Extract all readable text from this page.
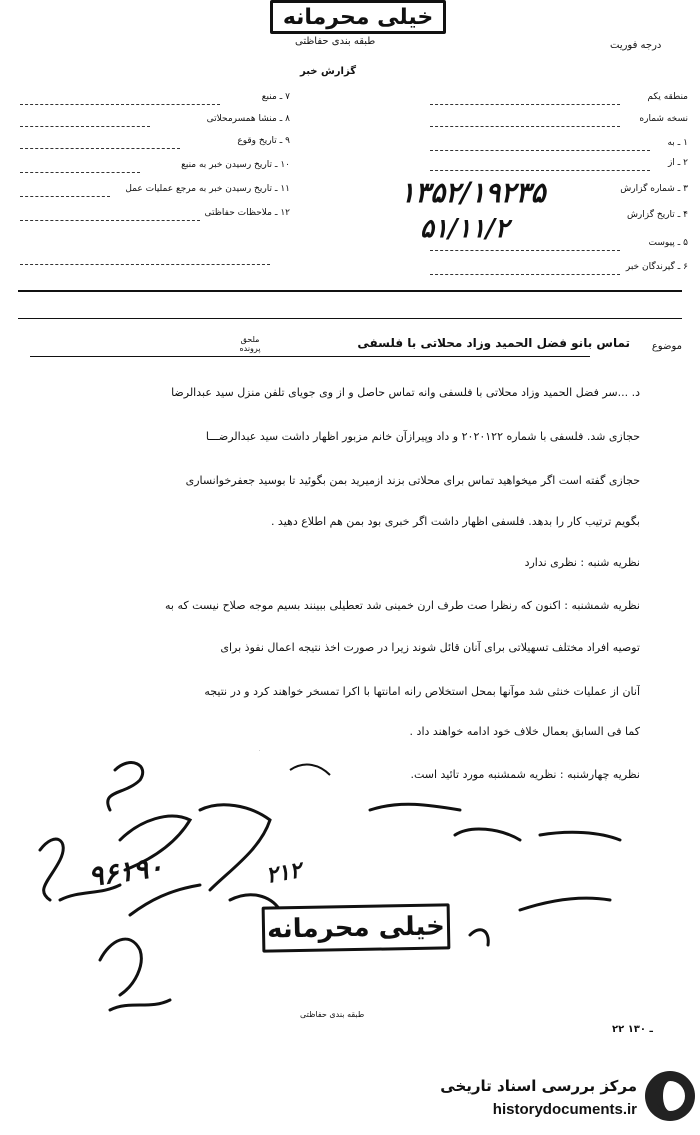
خیلی محرمانه
طبقه بندی حفاظتی	درجه فوریت
گزارش خبر
منطقه یکم
نسخه شماره
۱ ـ به
۲ ـ از
۳ ـ شماره گزارش
۴ ـ تاریخ گزارش
۵ ـ پیوست
۶ ـ گیرندگان خبر
۷ ـ منبع
۸ ـ منشا همسرمحلاتی
۹ ـ تاریخ وقوع
۱۰ ـ تاریخ رسیدن خبر به منبع
۱۱ ـ تاریخ رسیدن خبر به مرجع عملیات عمل
۱۲ ـ ملاحظات حفاظتی
۱۳۵۲/۱۹۲۳۵
۵۱/۱۱/۲
موضوع
تماس بانو فضل الحمید وزاد محلاتی با فلسفی
ملحق پرونده
د. ...سر فضل الحمید وزاد محلاتی با فلسفی وانه تماس حاصل و از وی جویای تلفن منزل سید عبدالرضا
حجازی شد. فلسفی با شماره ۲۰۲۰۱۲۲ و داد وپیرازآن خانم مزبور اظهار داشت سید عبدالرضـــا
حجازی گفته است اگر میخواهید تماس برای محلاتی بزند ازمیرید بمن بگوئید تا بوسید جعفرخوانساری
بگویم ترتیب کار را بدهد. فلسفی اظهار داشت اگر خبری بود بمن هم اطلاع دهید .
نظریه شنبه : نظری ندارد
نظریه شمشنبه : اکنون که رنظرا صت طرف ارن خمینی شد تعطیلی ببینند بسیم موجه صلاح نیست که به
توصیه افراد مختلف تسهیلاتی برای آنان قائل شوند زیرا در صورت اخذ نتیجه اعمال نفوذ برای
آنان از عملیات خنثی شد موآنها بمحل استخلاص رانه امانتها با اکرا تمسخر خواهند کرد و در نتیجه
کما فی السابق بعمال خلاف خود ادامه خواهند داد .
نظریه چهارشنبه : نظریه شمشنبه مورد تائید است.
۹۶۱۹۰	۲۱۲
خیلی محرمانه
طبقه بندی حفاظتی
۲۲ ـ ۱۳۰
مرکز بررسی اسناد تاریخی
historydocuments.ir
